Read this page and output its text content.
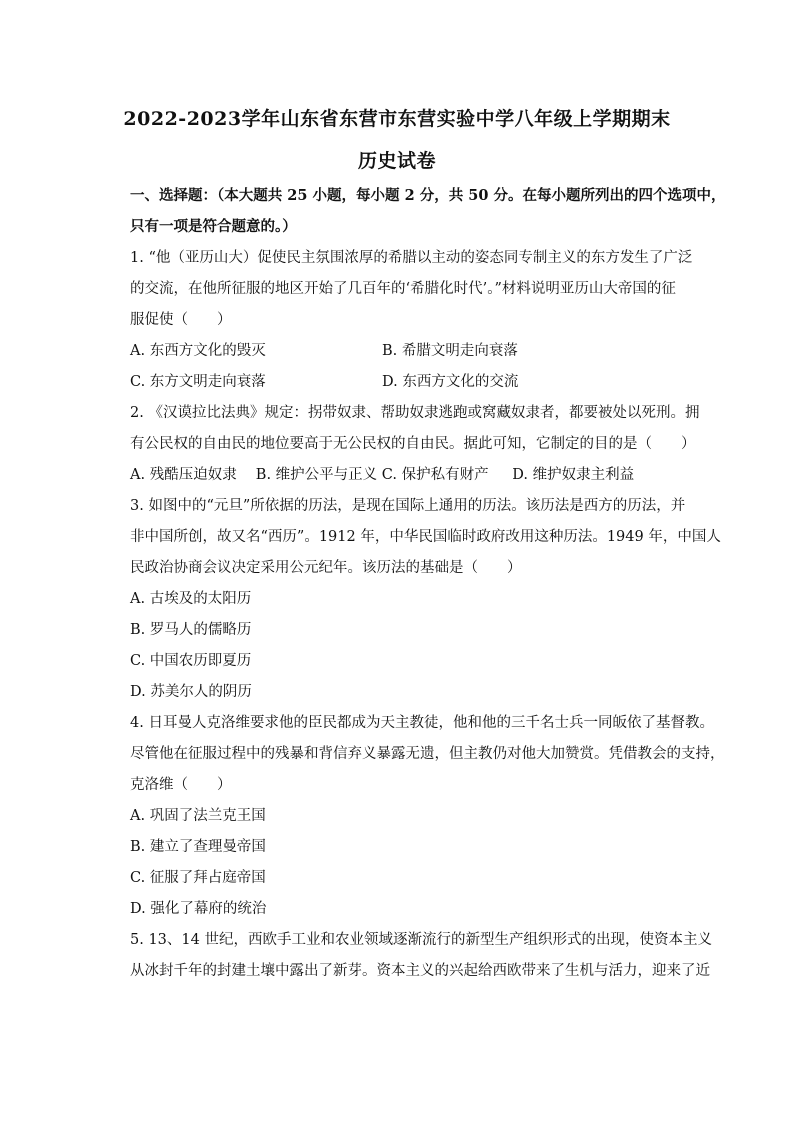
2022-2023学年山东省东营市东营实验中学八年级上学期期末
历史试卷
一、选择题：（本大题共 25 小题，每小题 2 分，共 50 分。在每小题所列出的四个选项中，
只有一项是符合题意的。）
1. “他（亚历山大）促使民主氛围浓厚的希腊以主动的姿态同专制主义的东方发生了广泛
的交流，在他所征服的地区开始了几百年的‘希腊化时代’。”材料说明亚历山大帝国的征
服促使（　　）
A. 东西方文化的毁灭	B. 希腊文明走向衰落
C. 东方文明走向衰落	D. 东西方文化的交流
2. 《汉谟拉比法典》规定：拐带奴隶、帮助奴隶逃跑或窝藏奴隶者，都要被处以死刑。拥
有公民权的自由民的地位要高于无公民权的自由民。据此可知，它制定的目的是（　　）
A. 残酷压迫奴隶　 B. 维护公平与正义 C. 保护私有财产 　 D. 维护奴隶主利益
3. 如图中的“元旦”所依据的历法，是现在国际上通用的历法。该历法是西方的历法，并
非中国所创，故又名“西历”。1912 年，中华民国临时政府改用这种历法。1949 年，中国人
民政治协商会议决定采用公元纪年。该历法的基础是（　　）
A. 古埃及的太阳历
B. 罗马人的儒略历
C. 中国农历即夏历
D. 苏美尔人的阴历
4. 日耳曼人克洛维要求他的臣民都成为天主教徒，他和他的三千名士兵一同皈依了基督教。
尽管他在征服过程中的残暴和背信弃义暴露无遗，但主教仍对他大加赞赏。凭借教会的支持，
克洛维（　　）
A. 巩固了法兰克王国
B. 建立了查理曼帝国
C. 征服了拜占庭帝国
D. 强化了幕府的统治
5. 13、14 世纪，西欧手工业和农业领域逐渐流行的新型生产组织形式的出现，使资本主义
从冰封千年的封建土壤中露出了新芽。资本主义的兴起给西欧带来了生机与活力，迎来了近
